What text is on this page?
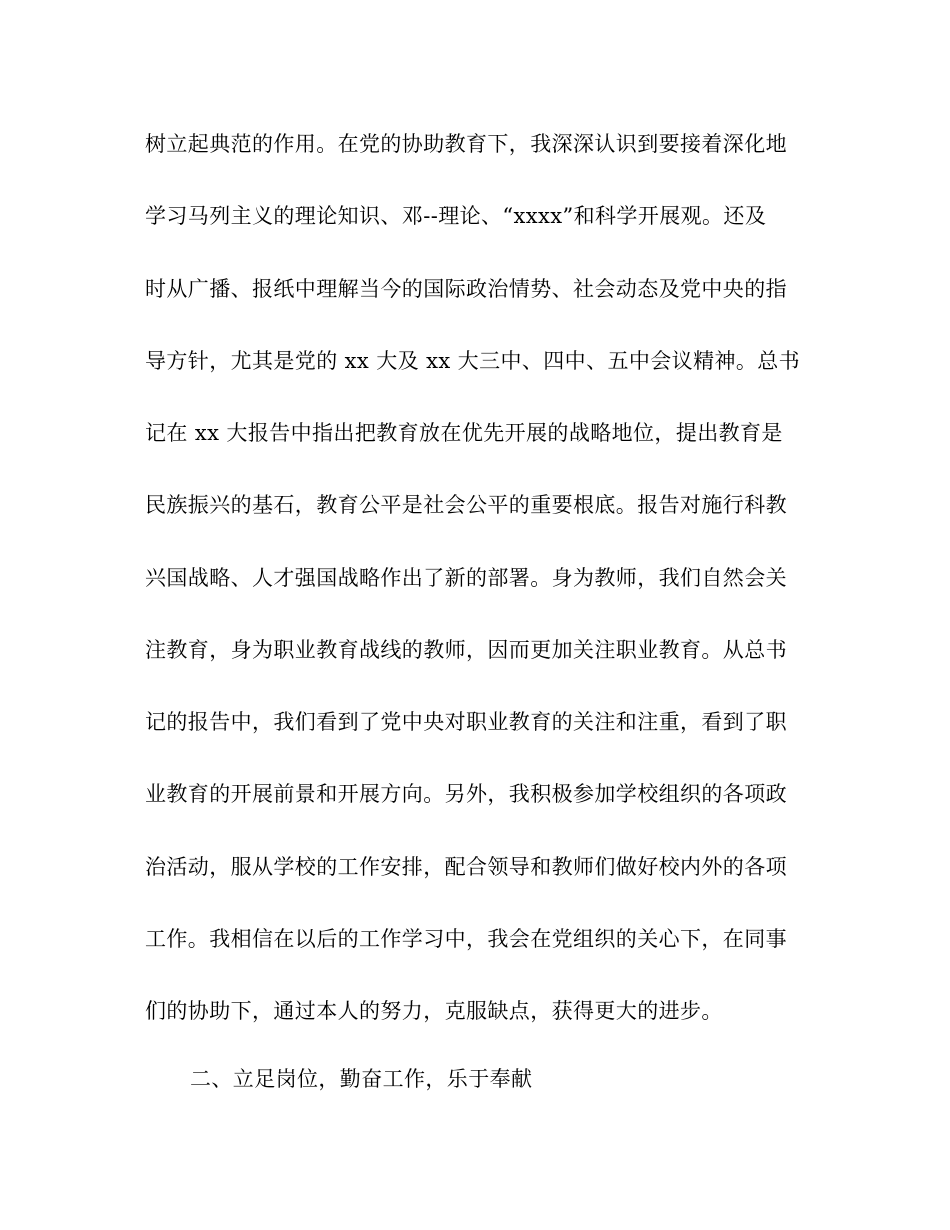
树立起典范的作用。在党的协助教育下，我深深认识到要接着深化地
学习马列主义的理论知识、邓--理论、“xxxx”和科学开展观。还及
时从广播、报纸中理解当今的国际政治情势、社会动态及党中央的指
导方针，尤其是党的 xx 大及 xx 大三中、四中、五中会议精神。总书
记在 xx 大报告中指出把教育放在优先开展的战略地位，提出教育是
民族振兴的基石，教育公平是社会公平的重要根底。报告对施行科教
兴国战略、人才强国战略作出了新的部署。身为教师，我们自然会关
注教育，身为职业教育战线的教师，因而更加关注职业教育。从总书
记的报告中，我们看到了党中央对职业教育的关注和注重，看到了职
业教育的开展前景和开展方向。另外，我积极参加学校组织的各项政
治活动，服从学校的工作安排，配合领导和教师们做好校内外的各项
工作。我相信在以后的工作学习中，我会在党组织的关心下，在同事
们的协助下，通过本人的努力，克服缺点，获得更大的进步。
二、立足岗位，勤奋工作，乐于奉献
